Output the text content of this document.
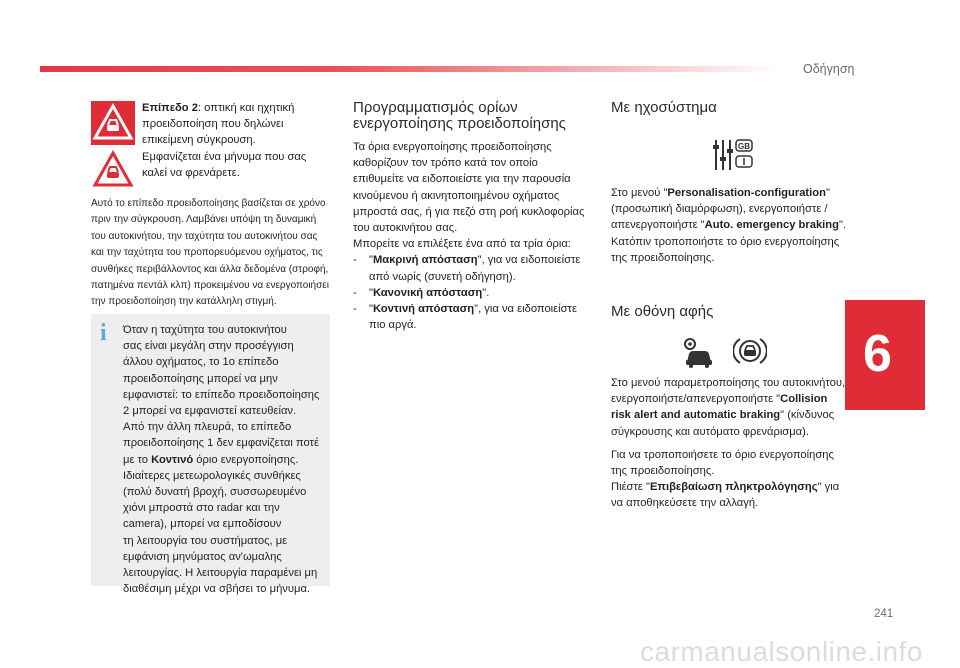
Οδήγηση
Επίπεδο 2: οπτική και ηχητική
προειδοποίηση που δηλώνει
επικείμενη σύγκρουση.
Εμφανίζεται ένα μήνυμα που σας
καλεί να φρενάρετε.
Αυτό το επίπεδο προειδοποίησης βασίζεται σε χρόνο
πριν την σύγκρουση. Λαμβάνει υπόψη τη δυναμική
του αυτοκινήτου, την ταχύτητα του αυτοκινήτου σας
και την ταχύτητα του προπορευόμενου οχήματος, τις
συνθήκες περιβάλλοντος και άλλα δεδομένα (στροφή,
πατημένα πεντάλ κλπ) προκειμένου να ενεργοποιήσει
την προειδοποίηση την κατάλληλη στιγμή.
i Όταν η ταχύτητα του αυτοκινήτου
σας είναι μεγάλη στην προσέγγιση
άλλου οχήματος, το 1ο επίπεδο
προειδοποίησης μπορεί να μην
εμφανιστεί: το επίπεδο προειδοποίησης
2 μπορεί να εμφανιστεί κατευθείαν.
Από την άλλη πλευρά, το επίπεδο
προειδοποίησης 1 δεν εμφανίζεται ποτέ
με το Κοντινό όριο ενεργοποίησης.
Ιδιαίτερες μετεωρολογικές συνθήκες
(πολύ δυνατή βροχή, συσσωρευμένο
χιόνι μπροστά στο radar και την
camera), μπορεί να εμποδίσουν
τη λειτουργία του συστήματος, με
εμφάνιση μηνύματος αν'ωμαλης
λειτουργίας. Η λειτουργία παραμένει μη
διαθέσιμη μέχρι να σβήσει το μήνυμα.
Προγραμματισμός ορίων
ενεργοποίησης προειδοποίησης
Τα όρια ενεργοποίησης προειδοποίησης
καθορίζουν τον τρόπο κατά τον οποίο
επιθυμείτε να ειδοποιείστε για την παρουσία
κινούμενου ή ακινητοποιημένου οχήματος
μπροστά σας, ή για πεζό στη ροή κυκλοφορίας
του αυτοκινήτου σας.
Μπορείτε να επιλέξετε ένα από τα τρία όρια:
- "Μακρινή απόσταση", για να ειδοποιείστε
από νωρίς (συνετή οδήγηση).
- "Κανονική απόσταση".
- "Κοντινή απόσταση", για να ειδοποιείστε
πιο αργά.
Με ηχοσύστημα
GB
Στο μενού "Personalisation-configuration"
(προσωπική διαμόρφωση), ενεργοποιήστε /
απενεργοποιήστε "Auto. emergency braking".
Κατόπιν τροποποιήστε το όριο ενεργοποίησης
της προειδοποίησης.
Με οθόνη αφής
Στο μενού παραμετροποίησης του αυτοκινήτου,
ενεργοποιήστε/απενεργοποιήστε "Collision
risk alert and automatic braking" (κίνδυνος
σύγκρουσης και αυτόματο φρενάρισμα).
Για να τροποποιήσετε το όριο ενεργοποίησης
της προειδοποίησης.
Πιέστε "Επιβεβαίωση πληκτρολόγησης" για
να αποθηκεύσετε την αλλαγή.
6
241
carmanualsonline.info
